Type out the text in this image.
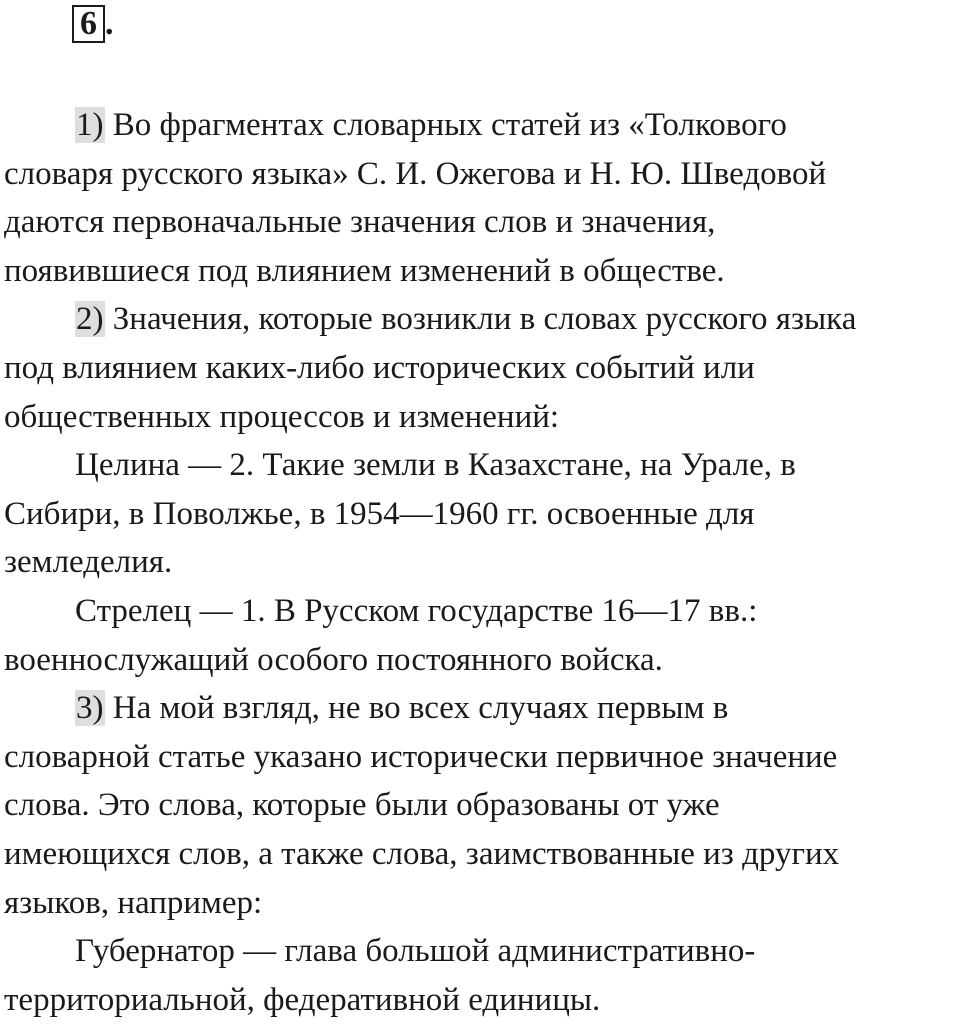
6 .
1) Во фрагментах словарных статей из «Толкового
словаря русского языка» С. И. Ожегова и Н. Ю. Шведовой
даются первоначальные значения слов и значения,
появившиеся под влиянием изменений в обществе.
2) Значения, которые возникли в словах русского языка
под влиянием каких-либо исторических событий или
общественных процессов и изменений:
Целина — 2. Такие земли в Казахстане, на Урале, в
Сибири, в Поволжье, в 1954—1960 гг. освоенные для
земледелия.
Стрелец — 1. В Русском государстве 16—17 вв.:
военнослужащий особого постоянного войска.
3) На мой взгляд, не во всех случаях первым в
словарной статье указано исторически первичное значение
слова. Это слова, которые были образованы от уже
имеющихся слов, а также слова, заимствованные из других
языков, например:
Губернатор — глава большой административно-
территориальной, федеративной единицы.
